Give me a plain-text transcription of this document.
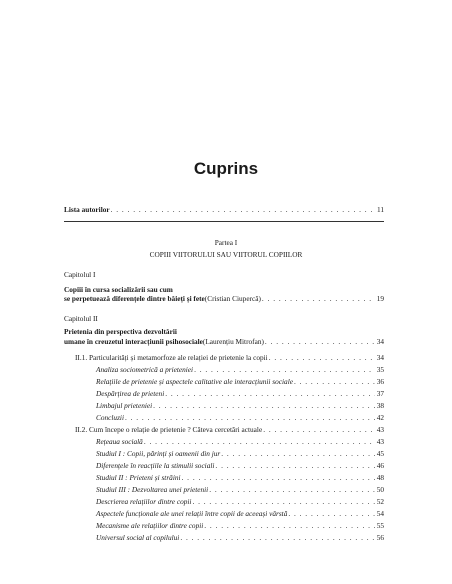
Cuprins
Lista autorilor . . .	11
Partea I
COPIII VIITORULUI SAU VIITORUL COPIILOR
Capitolul I
Copiii în cursa socializării sau cum
se perpetuează diferențele dintre băieți și fete (Cristian Ciupercă) . . .	19
Capitolul II
Prietenia din perspectiva dezvoltării
umane în creuzetul interacțiunii psihosociale (Laurențiu Mitrofan) . . .	34
II.1. Particularități și metamorfoze ale relației de prietenie la copii . . .	34
Analiza sociometrică a prieteniei . . .	35
Relațiile de prietenie și aspectele calitative ale interacțiunii sociale . . .	36
Despărțirea de prieteni . . .	37
Limbajul prieteniei . . .	38
Concluzii . . .	42
II.2. Cum începe o relație de prietenie ? Câteva cercetări actuale . . .	43
Rețeaua socială . . .	43
Studiul I : Copii, părinți și oamenii din jur . . .	45
Diferențele în reacțiile la stimulii sociali . . .	46
Studiul II : Prieteni și străini . . .	48
Studiul III : Dezvoltarea unei prietenii . . .	50
Descrierea relațiilor dintre copii . . .	52
Aspectele funcționale ale unei relații între copii de aceeași vârstă . . .	54
Mecanisme ale relațiilor dintre copii . . .	55
Universul social al copilului . . .	56
